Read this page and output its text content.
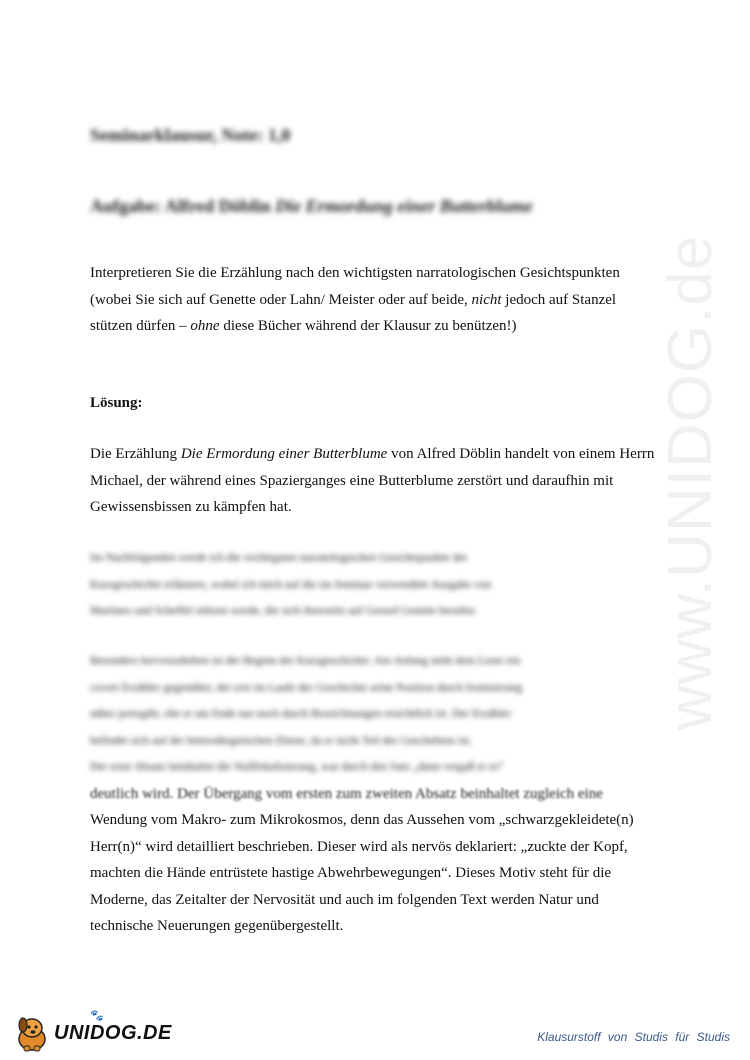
www.UNIDOG.de
Seminarklausur, Note: 1,0
Aufgabe: Alfred Döblin Die Ermordung einer Butterblume
Interpretieren Sie die Erzählung nach den wichtigsten narratologischen Gesichtspunkten
(wobei Sie sich auf Genette oder Lahn/ Meister oder auf beide, nicht jedoch auf Stanzel
stützen dürfen – ohne diese Bücher während der Klausur zu benützen!)
Lösung:
Die Erzählung Die Ermordung einer Butterblume von Alfred Döblin handelt von einem Herrn
Michael, der während eines Spazierganges eine Butterblume zerstört und daraufhin mit
Gewissensbissen zu kämpfen hat.
Im Nachfolgenden werde ich die wichtigsten narratologischen Gesichtspunkte der
Kurzgeschichte erläutern, wobei ich mich auf die im Seminar verwendete Ausgabe von
Martinez und Scheffel stützen werde, die sich ihrerseits auf Gerard Genette berufen.
Besonders hervorzuheben ist der Beginn der Kurzgeschichte: Am Anfang steht dem Leser ein
covert Erzähler gegenüber, der erst im Laufe der Geschichte seine Position durch Ironisierung
näher preisgibt, ehe er am Ende nur noch durch Bezeichnungen ersichtlich ist. Der Erzähler
befindet sich auf der heterodiegetischen Ebene, da er nicht Teil des Geschehens ist.
Der erste Absatz beinhaltet die Nullfokalisierung, was durch den Satz „dann vergaß er es“
deutlich wird. Der Übergang vom ersten zum zweiten Absatz beinhaltet zugleich eine
Wendung vom Makro- zum Mikrokosmos, denn das Aussehen vom „schwarzgekleidete(n)
Herr(n)“ wird detailliert beschrieben. Dieser wird als nervös deklariert: „zuckte der Kopf,
machten die Hände entrüstete hastige Abwehrbewegungen“. Dieses Motiv steht für die
Moderne, das Zeitalter der Nervosität und auch im folgenden Text werden Natur und
technische Neuerungen gegenübergestellt.
UNIDOG.DE
🐾
Klausurstoff von Studis für Studis
